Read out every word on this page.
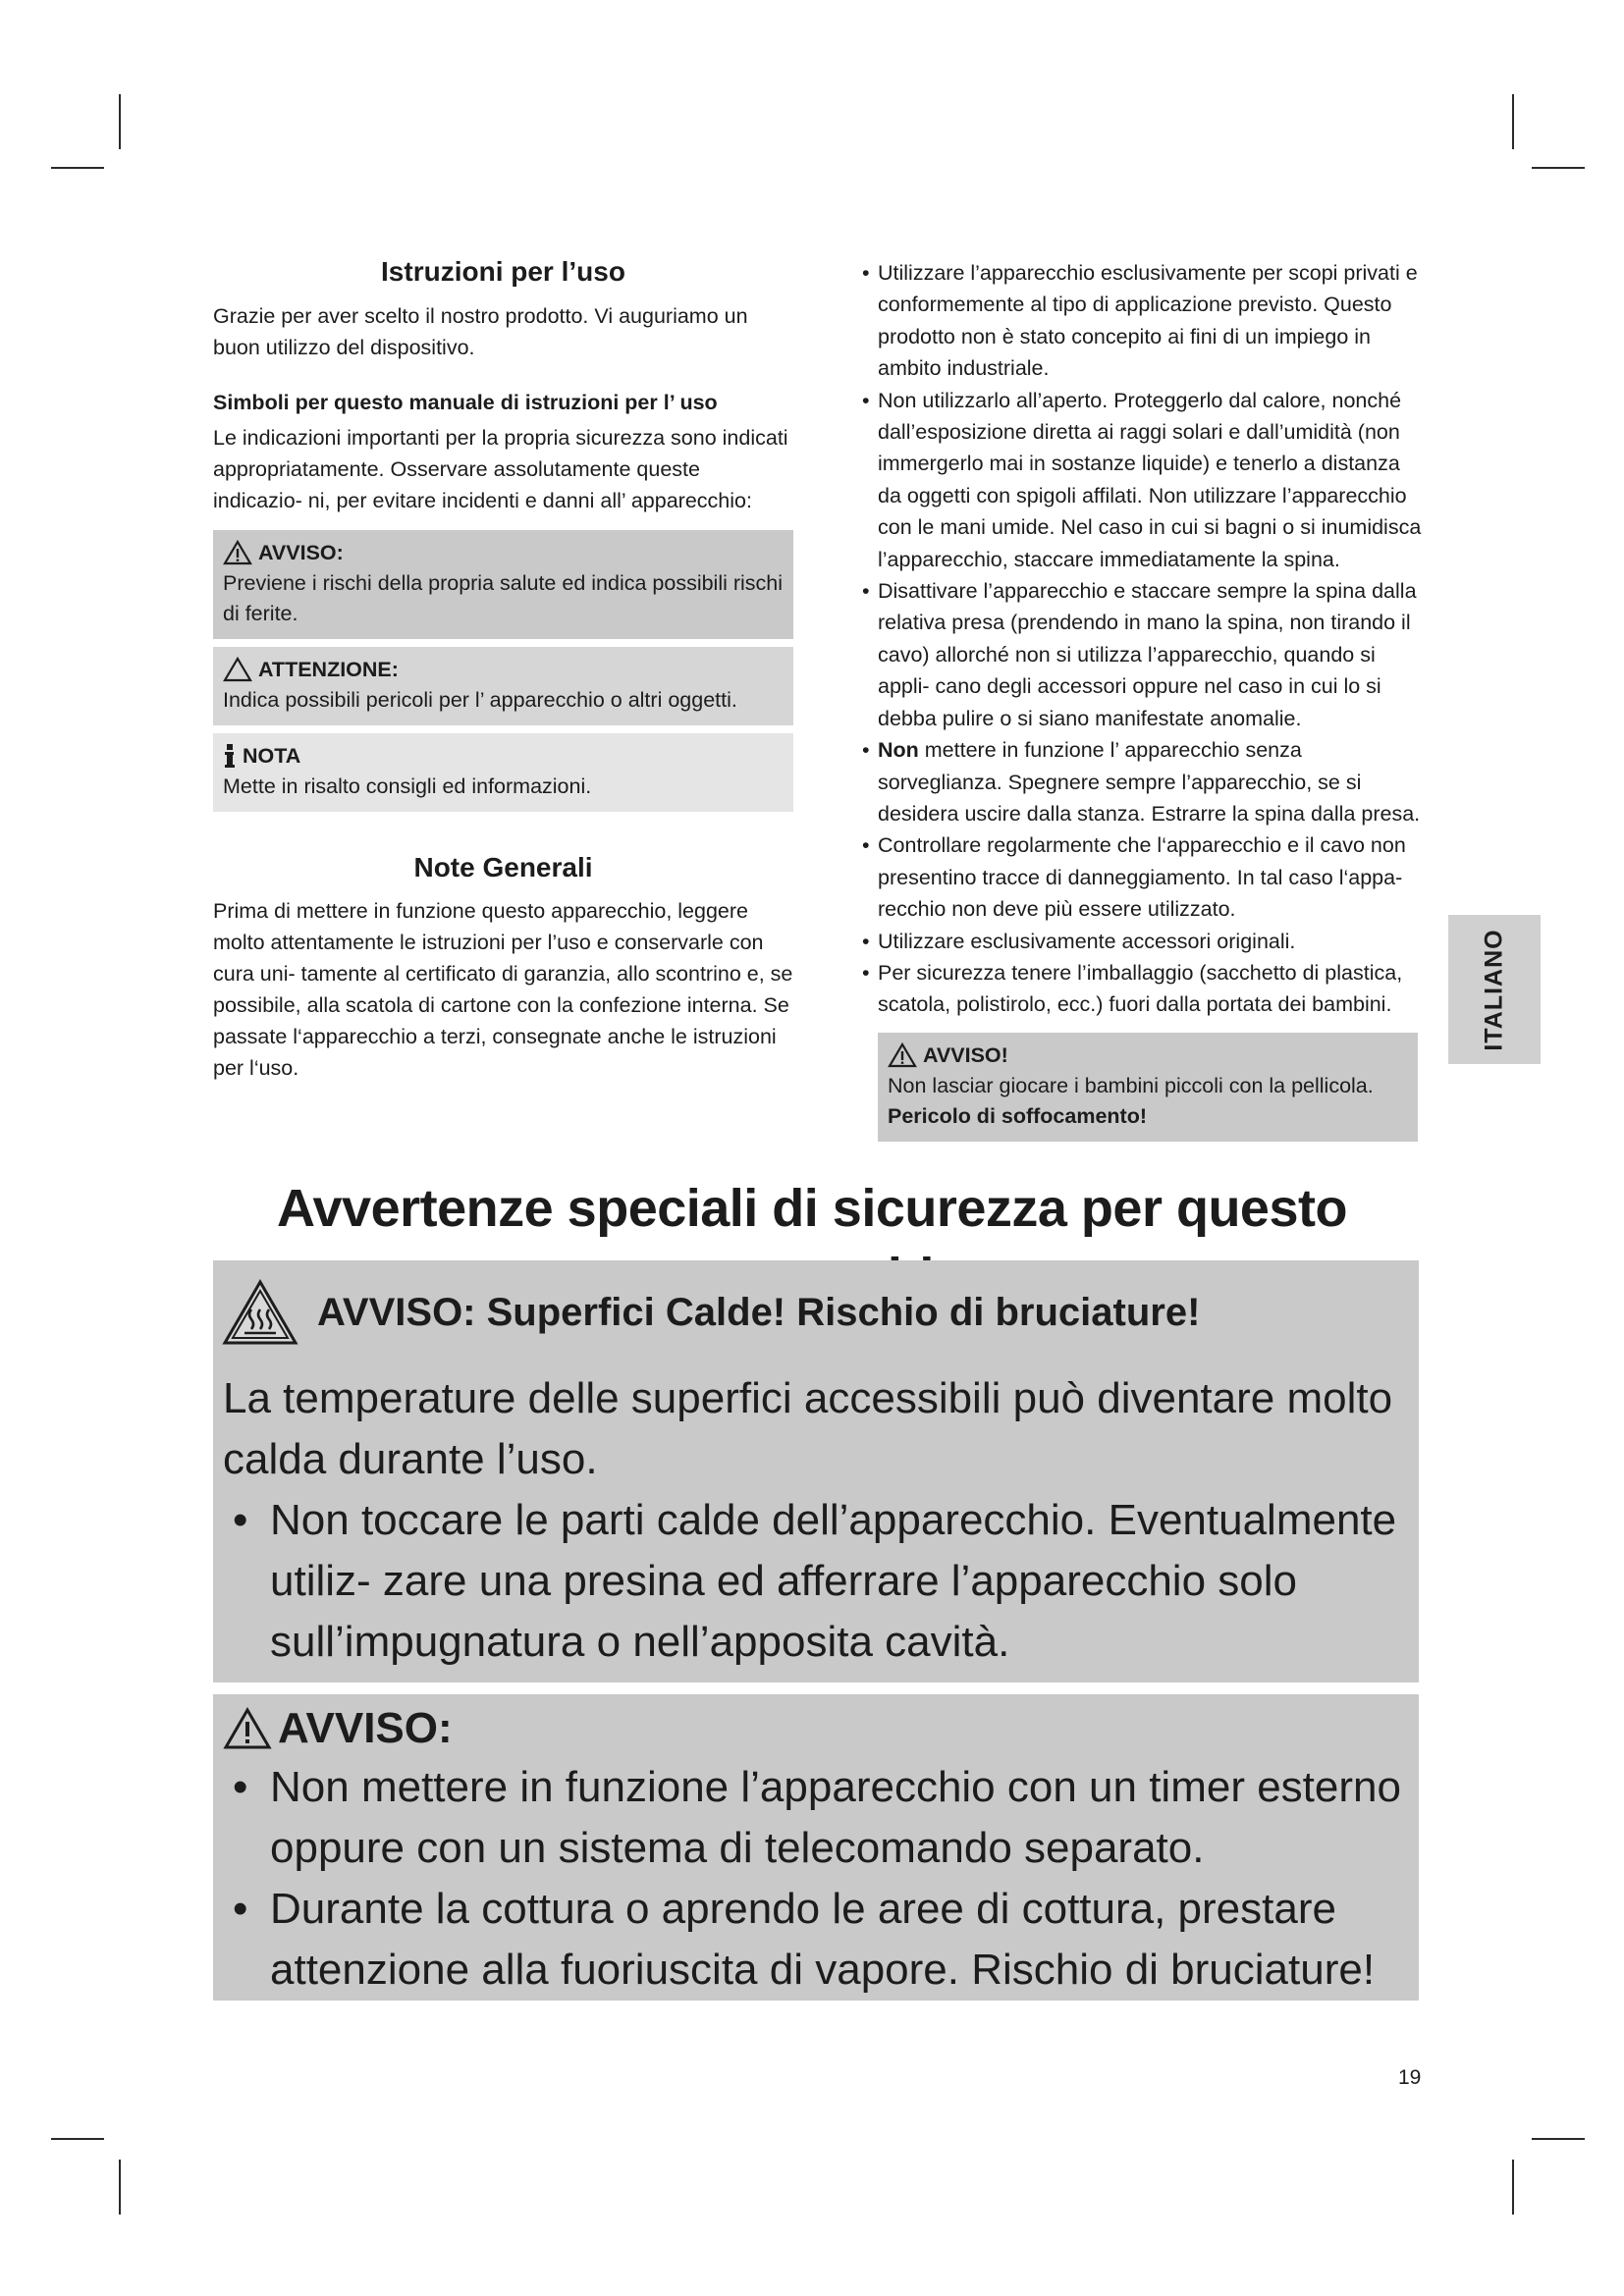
Istruzioni per l’uso

Grazie per aver scelto il nostro prodotto. Vi auguriamo un buon utilizzo del dispositivo.

Simboli per questo manuale di istruzioni per l’ uso

Le indicazioni importanti per la propria sicurezza sono indicati appropriatamente. Osservare assolutamente queste indicazio- ni, per evitare incidenti e danni all’ apparecchio:

AVVISO:
Previene i rischi della propria salute ed indica possibili rischi di ferite.
ATTENZIONE:
Indica possibili pericoli per l’ apparecchio o altri oggetti.
NOTA
Mette in risalto consigli ed informazioni.
Note Generali

Prima di mettere in funzione questo apparecchio, leggere molto attentamente le istruzioni per l’uso e conservarle con cura uni- tamente al certificato di garanzia, allo scontrino e, se possibile, alla scatola di cartone con la confezione interna. Se passate l‘apparecchio a terzi, consegnate anche le istruzioni per l‘uso.

• Utilizzare l’apparecchio esclusivamente per scopi privati e conformemente al tipo di applicazione previsto. Questo prodotto non è stato concepito ai fini di un impiego in ambito industriale.
• Non utilizzarlo all’aperto. Proteggerlo dal calore, nonché dall’esposizione diretta ai raggi solari e dall’umidità (non immergerlo mai in sostanze liquide) e tenerlo a distanza da oggetti con spigoli affilati. Non utilizzare l’apparecchio con le mani umide. Nel caso in cui si bagni o si inumidisca l’apparecchio, staccare immediatamente la spina.
• Disattivare l’apparecchio e staccare sempre la spina dalla relativa presa (prendendo in mano la spina, non tirando il cavo) allorché non si utilizza l’apparecchio, quando si appli- cano degli accessori oppure nel caso in cui lo si debba pulire o si siano manifestate anomalie.
• Non mettere in funzione l’ apparecchio senza sorveglianza. Spegnere sempre l’apparecchio, se si desidera uscire dalla stanza. Estrarre la spina dalla presa.
• Controllare regolarmente che l‘apparecchio e il cavo non presentino tracce di danneggiamento. In tal caso l‘appa- recchio non deve più essere utilizzato.
• Utilizzare esclusivamente accessori originali.
• Per sicurezza tenere l’imballaggio (sacchetto di plastica, scatola, polistirolo, ecc.) fuori dalla portata dei bambini.
AVVISO!
Non lasciar giocare i bambini piccoli con la pellicola.
Pericolo di soffocamento!
ITALIANO
Avvertenze speciali di sicurezza per questo
AVVISO: Superfici Calde! Rischio di bruciature!
La temperature delle superfici accessibili può diventare molto calda durante l’uso.
• Non toccare le parti calde dell’apparecchio. Eventualmente utiliz- zare una presina ed afferrare l’apparecchio solo sull’impugnatura o nell’apposita cavità.
AVVISO:
• Non mettere in funzione l’apparecchio con un timer esterno oppure con un sistema di telecomando separato.
• Durante la cottura o aprendo le aree di cottura, prestare attenzione alla fuoriuscita di vapore. Rischio di bruciature!
19
